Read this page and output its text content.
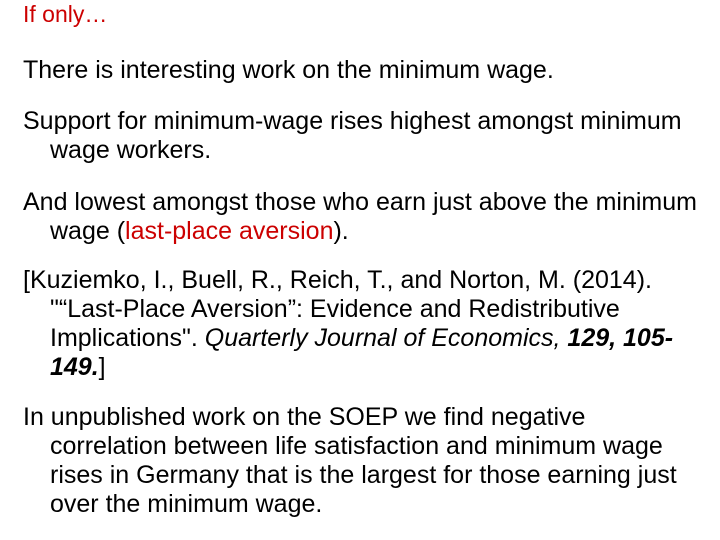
If only…

There is interesting work on the minimum wage.

Support for minimum-wage rises highest amongst minimum wage workers.

And lowest amongst those who earn just above the minimum wage (last-place aversion).

[Kuziemko, I., Buell, R., Reich, T., and Norton, M. (2014). "“Last-Place Aversion”: Evidence and Redistributive Implications". Quarterly Journal of Economics, 129, 105-149.]

In unpublished work on the SOEP we find negative correlation between life satisfaction and minimum wage rises in Germany that is the largest for those earning just over the minimum wage.
